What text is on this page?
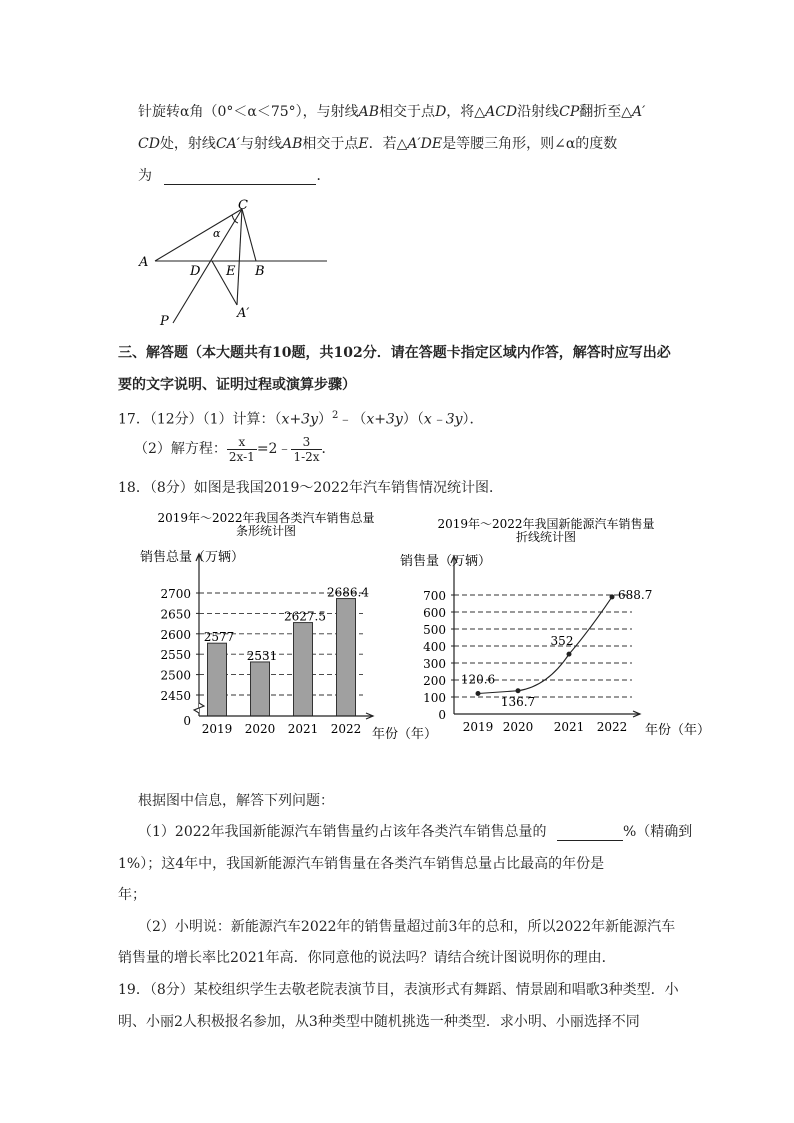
针旋转α角（0°＜α＜75°），与射线AB相交于点D，将△ACD沿射线CP翻折至△A′
CD处，射线CA′与射线AB相交于点E．若△A′DE是等腰三角形，则∠α的度数
为	．
C
A
D E B
A′
P
α
三、解答题（本大题共有10题，共102分．请在答题卡指定区域内作答，解答时应写出必
要的文字说明、证明过程或演算步骤）
17．（12分）（1）计算：$(x+3y)^2﹣(x+3y)(x﹣3y)$．
（2）解方程： $\frac{x}{2x-1}$ =2﹣ $\frac{3}{1-2x}$ ．
18．（8分）如图是我国2019～2022年汽车销售情况统计图．
2019年～2022年我国各类汽车销售总量
条形统计图
销售总量（万辆）
年份（年）
0
2450
2500
2550
2600
2650
2700
2577
2019
2531
2020
2627.5
2021
2686.4
2022
2019年～2022年我国新能源汽车销售量
折线统计图
销售量（万辆）
年份（年）
0
100
200
300
400
500
600
700
120.6
2019
136.7
2020
352
2021
688.7
2022
根据图中信息，解答下列问题：
（1）2022年我国新能源汽车销售量约占该年各类汽车销售总量的	%（精确到
1%）；这4年中，我国新能源汽车销售量在各类汽车销售总量占比最高的年份是
年；
（2）小明说：新能源汽车2022年的销售量超过前3年的总和，所以2022年新能源汽车
销售量的增长率比2021年高．你同意他的说法吗？请结合统计图说明你的理由．
19．（8分）某校组织学生去敬老院表演节目，表演形式有舞蹈、情景剧和唱歌3种类型．小
明、小丽2人积极报名参加，从3种类型中随机挑选一种类型．求小明、小丽选择不同
